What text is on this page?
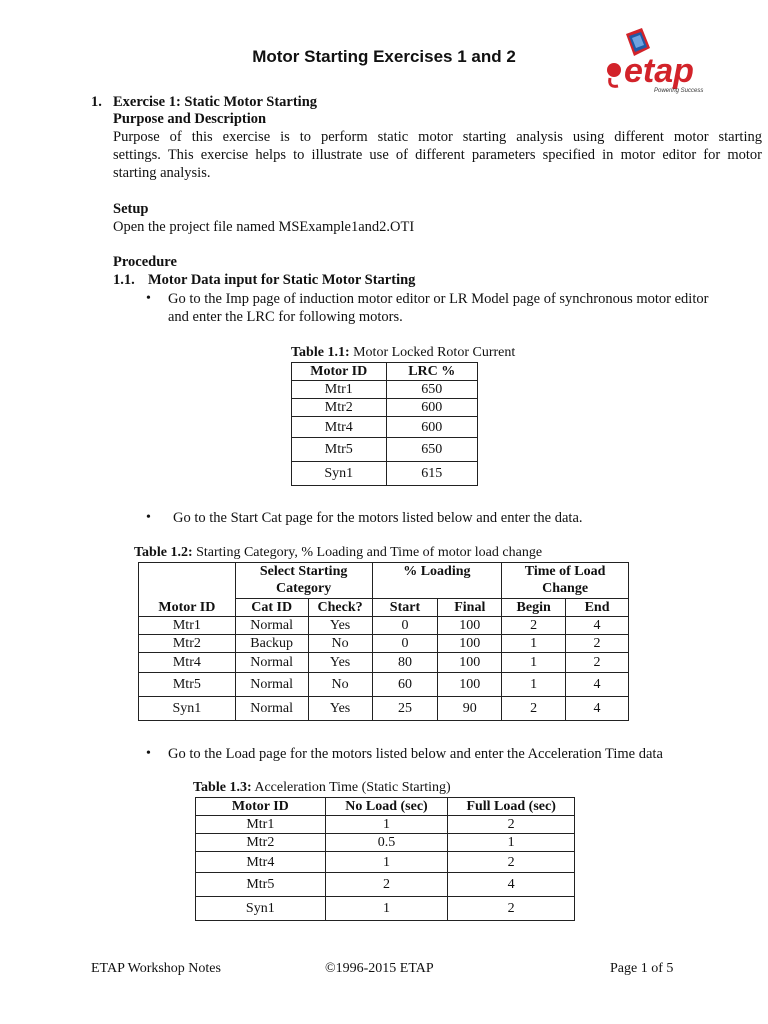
Motor Starting Exercises 1 and 2	etap
Powering Success
1. Exercise 1: Static Motor Starting
Purpose and Description
Purpose of this exercise is to perform static motor starting analysis using different motor starting
settings. This exercise helps to illustrate use of different parameters specified in motor editor for motor
starting analysis.
Setup
Open the project file named MSExample1and2.OTI
Procedure
1.1. Motor Data input for Static Motor Starting
• Go to the Imp page of induction motor editor or LR Model page of synchronous motor editor
and enter the LRC for following motors.
Table 1.1: Motor Locked Rotor Current
Motor ID	LRC %
Mtr1	650
Mtr2	600
Mtr4	600
Mtr5	650
Syn1	615
• Go to the Start Cat page for the motors listed below and enter the data.
Table 1.2: Starting Category, % Loading and Time of motor load change
Motor ID	Select Starting Category		% Loading		Time of Load Change	
	Cat ID	Check?	Start	Final	Begin	End
Mtr1	Normal	Yes	0	100	2	4
Mtr2	Backup	No	0	100	1	2
Mtr4	Normal	Yes	80	100	1	2
Mtr5	Normal	No	60	100	1	4
Syn1	Normal	Yes	25	90	2	4
• Go to the Load page for the motors listed below and enter the Acceleration Time data
Table 1.3: Acceleration Time (Static Starting)
Motor ID	No Load (sec)	Full Load (sec)
Mtr1	1	2
Mtr2	0.5	1
Mtr4	1	2
Mtr5	2	4
Syn1	1	2
ETAP Workshop Notes	©1996-2015 ETAP	Page 1 of 5
